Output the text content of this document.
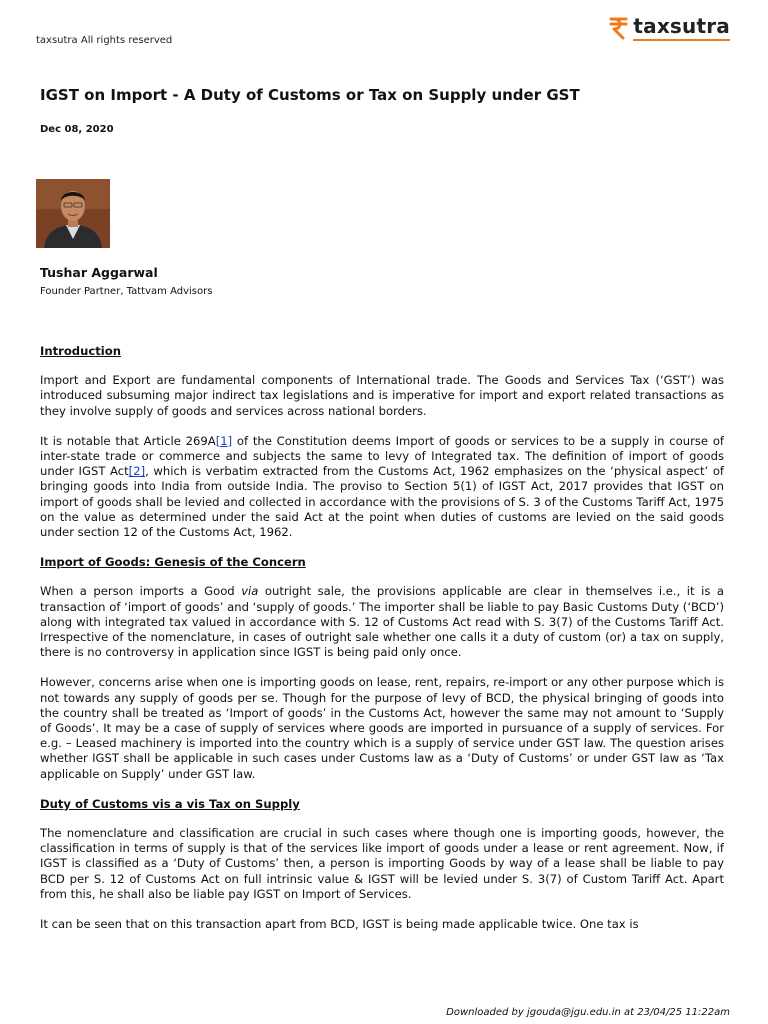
taxsutra All rights reserved
taxsutra
IGST on Import - A Duty of Customs or Tax on Supply under GST
Dec 08, 2020
Tushar Aggarwal
Founder Partner, Tattvam Advisors

Introduction

Import and Export are fundamental components of International trade. The Goods and Services Tax (‘GST’) was introduced subsuming major indirect tax legislations and is imperative for import and export related transactions as they involve supply of goods and services across national borders.

It is notable that Article 269A[1] of the Constitution deems Import of goods or services to be a supply in course of inter-state trade or commerce and subjects the same to levy of Integrated tax. The definition of import of goods under IGST Act[2], which is verbatim extracted from the Customs Act, 1962 emphasizes on the ‘physical aspect’ of bringing goods into India from outside India. The proviso to Section 5(1) of IGST Act, 2017 provides that IGST on import of goods shall be levied and collected in accordance with the provisions of S. 3 of the Customs Tariff Act, 1975 on the value as determined under the said Act at the point when duties of customs are levied on the said goods under section 12 of the Customs Act, 1962.

Import of Goods: Genesis of the Concern

When a person imports a Good via outright sale, the provisions applicable are clear in themselves i.e., it is a transaction of ‘import of goods’ and ‘supply of goods.’ The importer shall be liable to pay Basic Customs Duty (‘BCD’) along with integrated tax valued in accordance with S. 12 of Customs Act read with S. 3(7) of the Customs Tariff Act. Irrespective of the nomenclature, in cases of outright sale whether one calls it a duty of custom (or) a tax on supply, there is no controversy in application since IGST is being paid only once.

However, concerns arise when one is importing goods on lease, rent, repairs, re-import or any other purpose which is not towards any supply of goods per se. Though for the purpose of levy of BCD, the physical bringing of goods into the country shall be treated as ‘Import of goods’ in the Customs Act, however the same may not amount to ‘Supply of Goods’. It may be a case of supply of services where goods are imported in pursuance of a supply of services. For e.g. – Leased machinery is imported into the country which is a supply of service under GST law. The question arises whether IGST shall be applicable in such cases under Customs law as a ‘Duty of Customs’ or under GST law as ‘Tax applicable on Supply’ under GST law.

Duty of Customs vis a vis Tax on Supply

The nomenclature and classification are crucial in such cases where though one is importing goods, however, the classification in terms of supply is that of the services like import of goods under a lease or rent agreement. Now, if IGST is classified as a ‘Duty of Customs’ then, a person is importing Goods by way of a lease shall be liable to pay BCD per S. 12 of Customs Act on full intrinsic value & IGST will be levied under S. 3(7) of Custom Tariff Act. Apart from this, he shall also be liable pay IGST on Import of Services.

It can be seen that on this transaction apart from BCD, IGST is being made applicable twice. One tax is

Downloaded by jgouda@jgu.edu.in at 23/04/25 11:22am
